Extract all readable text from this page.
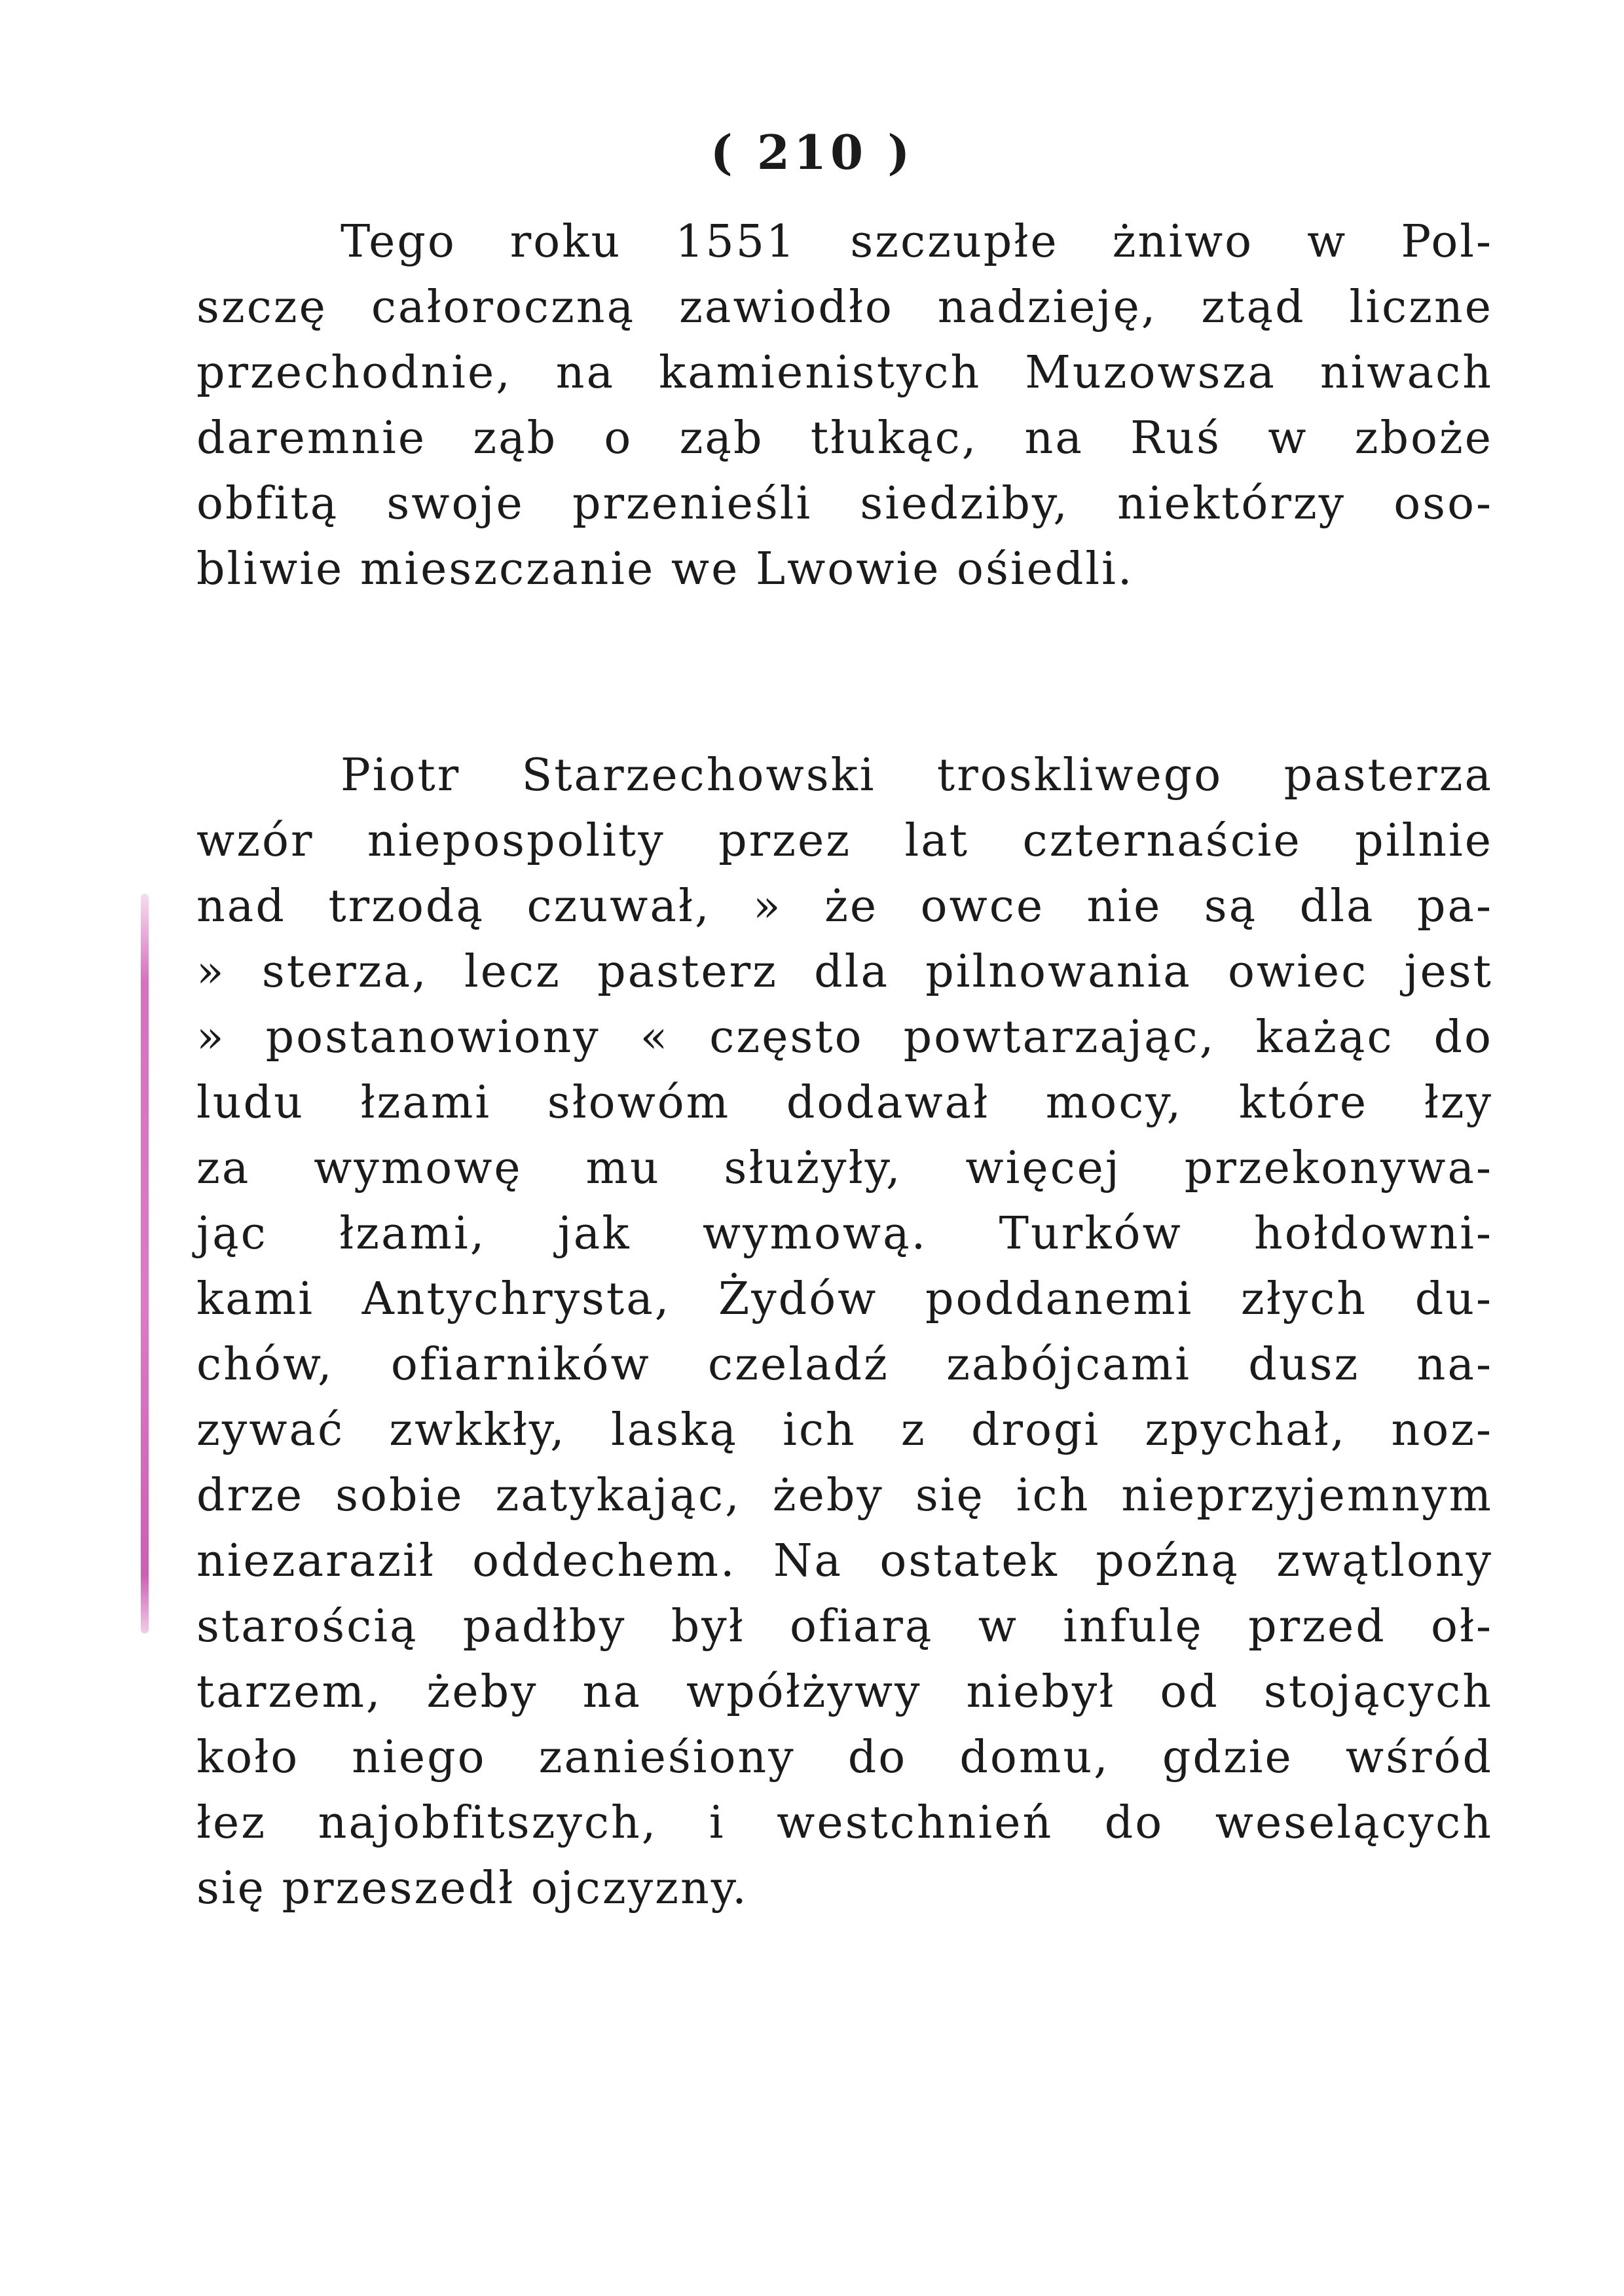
( 210 )
Tego roku 1551 szczupłe żniwo w Pol-
szczę całoroczną zawiodło nadzieję, ztąd liczne
przechodnie, na kamienistych Muzowsza niwach
daremnie ząb o ząb tłukąc, na Ruś w zboże
obfitą swoje przenieśli siedziby, niektórzy oso-
bliwie mieszczanie we Lwowie ośiedli.
Piotr Starzechowski troskliwego pasterza
wzór niepospolity przez lat czternaście pilnie
nad trzodą czuwał, » że owce nie są dla pa-
» sterza, lecz pasterz dla pilnowania owiec jest
» postanowiony « często powtarzając, każąc do
ludu łzami słowóm dodawał mocy, które łzy
za wymowę mu służyły, więcej przekonywa-
jąc łzami, jak wymową. Turków hołdowni-
kami Antychrysta, Żydów poddanemi złych du-
chów, ofiarników czeladź zabójcami dusz na-
zywać zwkkły, laską ich z drogi zpychał, noz-
drze sobie zatykając, żeby się ich nieprzyjemnym
niezaraził oddechem. Na ostatek poźną zwątlony
starością padłby był ofiarą w infulę przed oł-
tarzem, żeby na wpółżywy niebył od stojących
koło niego zanieśiony do domu, gdzie wśród
łez najobfitszych, i westchnień do weselących
się przeszedł ojczyzny.
